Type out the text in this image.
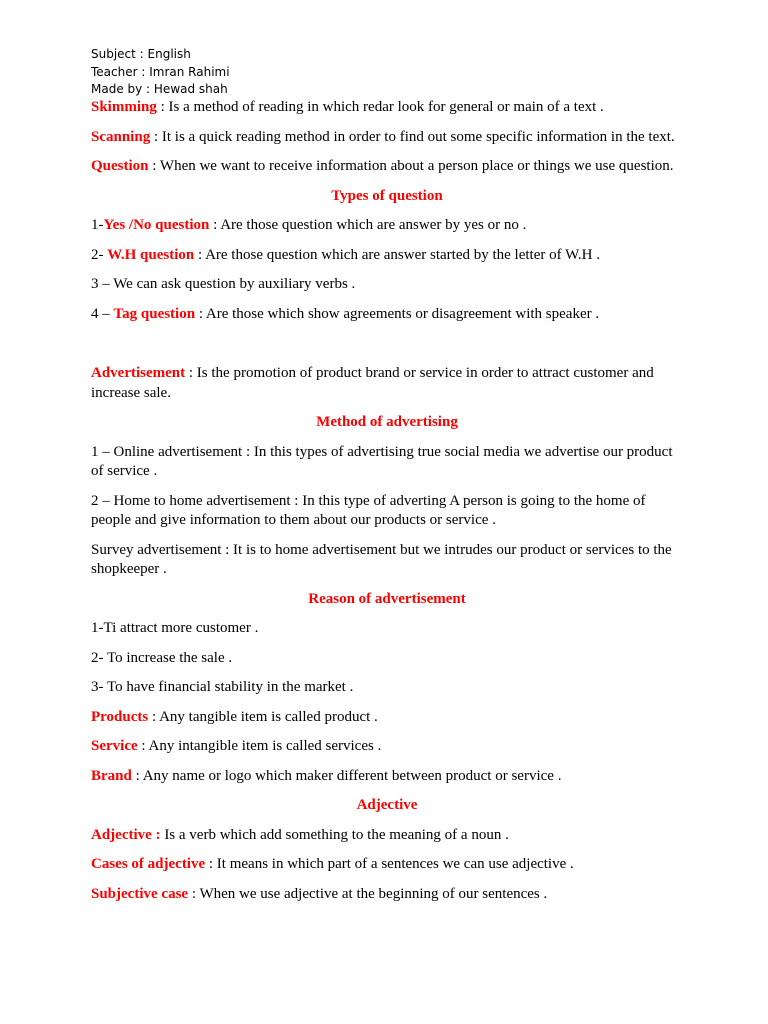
Subject : English
Teacher : Imran Rahimi
Made by : Hewad shah

Skimming : Is a method of reading in which redar look for general or main of a text .

Scanning : It is a quick reading method in order to find out some specific information in the text.

Question : When we want to receive information about a person place or things we use question.

Types of question

1-Yes /No question : Are those question which are answer by yes or no .

2- W.H question : Are those question which are answer started by the letter of W.H .

3 – We can ask question by auxiliary verbs .

4 – Tag question : Are those which show agreements or disagreement with speaker .

Advertisement : Is the promotion of product brand or service in order to attract customer and increase sale.

Method of advertising

1 – Online advertisement : In this types of advertising true social media we advertise our product of service .

2 – Home to home advertisement : In this type of adverting A person is going to the home of people and give information to them about our products or service .

Survey advertisement : It is to home advertisement but we intrudes our product or services to the shopkeeper .

Reason of advertisement

1-Ti attract more customer .

2- To increase the sale .

3- To have financial stability in the market .

Products : Any tangible item is called product .

Service : Any intangible item is called services .

Brand : Any name or logo which maker different between product or service .

Adjective

Adjective : Is a verb which add something to the meaning of a noun .

Cases of adjective : It means in which part of a sentences we can use adjective .

Subjective case : When we use adjective at the beginning of our sentences .
